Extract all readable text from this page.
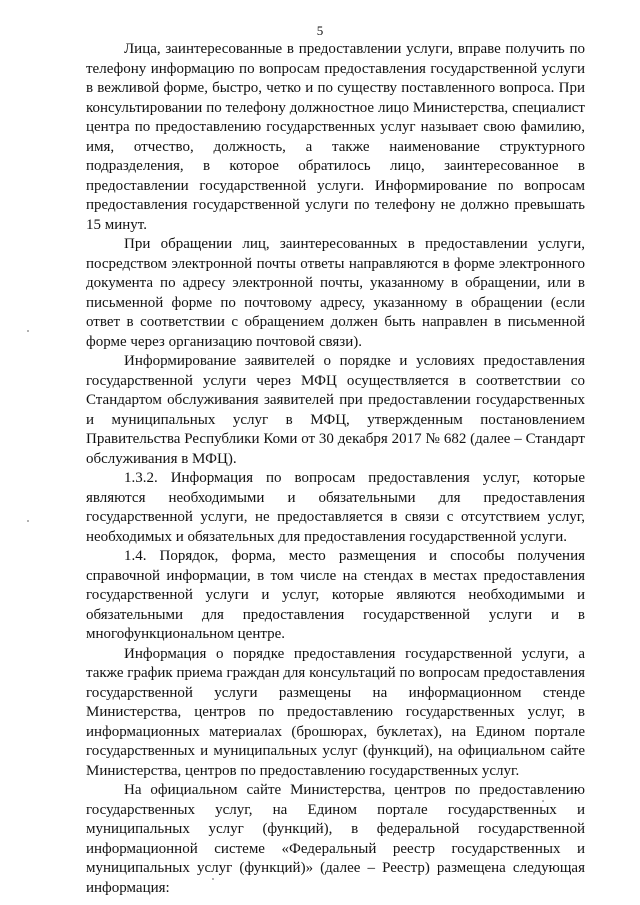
5

Лица, заинтересованные в предоставлении услуги, вправе получить по телефону информацию по вопросам предоставления государственной услуги в вежливой форме, быстро, четко и по существу поставленного вопроса. При консультировании по телефону должностное лицо Министерства, специалист центра по предоставлению государственных услуг называет свою фамилию, имя, отчество, должность, а также наименование структурного подразделения, в которое обратилось лицо, заинтересованное в предоставлении государственной услуги. Информирование по вопросам предоставления государственной услуги по телефону не должно превышать 15 минут.

При обращении лиц, заинтересованных в предоставлении услуги, посредством электронной почты ответы направляются в форме электронного документа по адресу электронной почты, указанному в обращении, или в письменной форме по почтовому адресу, указанному в обращении (если ответ в соответствии с обращением должен быть направлен в письменной форме через организацию почтовой связи).

Информирование заявителей о порядке и условиях предоставления государственной услуги через МФЦ осуществляется в соответствии со Стандартом обслуживания заявителей при предоставлении государственных и муниципальных услуг в МФЦ, утвержденным постановлением Правительства Республики Коми от 30 декабря 2017 № 682 (далее – Стандарт обслуживания в МФЦ).

1.3.2. Информация по вопросам предоставления услуг, которые являются необходимыми и обязательными для предоставления государственной услуги, не предоставляется в связи с отсутствием услуг, необходимых и обязательных для предоставления государственной услуги.

1.4. Порядок, форма, место размещения и способы получения справочной информации, в том числе на стендах в местах предоставления государственной услуги и услуг, которые являются необходимыми и обязательными для предоставления государственной услуги и в многофункциональном центре.

Информация о порядке предоставления государственной услуги, а также график приема граждан для консультаций по вопросам предоставления государственной услуги размещены на информационном стенде Министерства, центров по предоставлению государственных услуг, в информационных материалах (брошюрах, буклетах), на Едином портале государственных и муниципальных услуг (функций), на официальном сайте Министерства, центров по предоставлению государственных услуг.

На официальном сайте Министерства, центров по предоставлению государственных услуг, на Едином портале государственных и муниципальных услуг (функций), в федеральной государственной информационной системе «Федеральный реестр государственных и муниципальных услуг (функций)» (далее – Реестр) размещена следующая информация:
